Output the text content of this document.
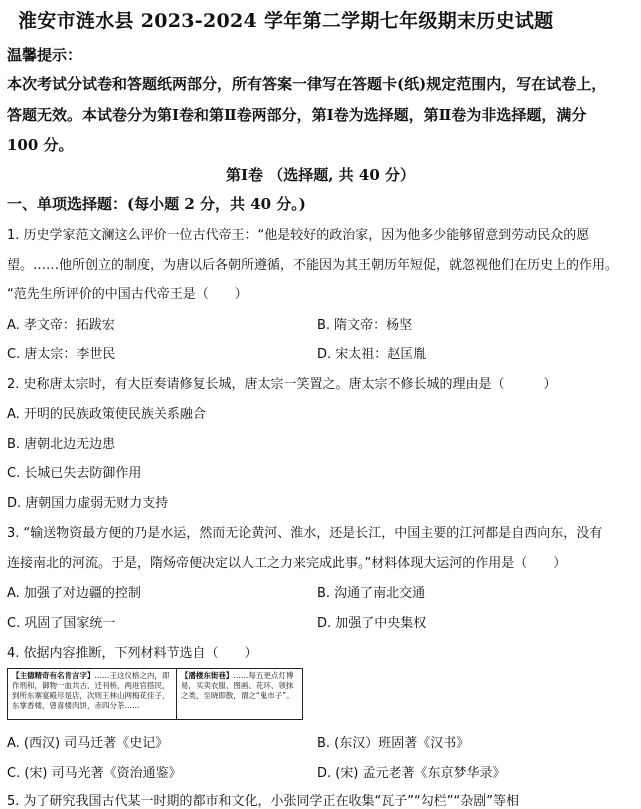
淮安市涟水县 2023-2024 学年第二学期七年级期末历史试题
温馨提示：
本次考试分试卷和答题纸两部分，所有答案一律写在答题卡(纸)规定范围内，写在试卷上，
答题无效。本试卷分为第Ⅰ卷和第Ⅱ卷两部分，第Ⅰ卷为选择题，第Ⅱ卷为非选择题，满分
100 分。
第Ⅰ卷 （选择题, 共 40 分）
一、单项选择题：(每小题 2 分，共 40 分。)
1. 历史学家范文澜这么评价一位古代帝王：“他是较好的政治家，因为他多少能够留意到劳动民众的愿
望。……他所创立的制度，为唐以后各朝所遵循，不能因为其王朝历年短促，就忽视他们在历史上的作用。
“范先生所评价的中国古代帝王是（　　）
A. 孝文帝：拓跋宏	B. 隋文帝：杨坚
C. 唐太宗：李世民	D. 宋太祖：赵匡胤
2. 史称唐太宗时，有大臣奏请修复长城，唐太宗一笑置之。唐太宗不修长城的理由是（　　　）
A. 开明的民族政策使民族关系融合
B. 唐朝北边无边患
C. 长城已失去防御作用
D. 唐朝国力虚弱无财力支持
3. “输送物资最方便的乃是水运，然而无论黄河、淮水，还是长江，中国主要的江河都是自西向东，没有
连接南北的河流。于是，隋炀帝便决定以人工之力来完成此事。”材料体现大运河的作用是（　　）
A. 加强了对边疆的控制	B. 沟通了南北交通
C. 巩固了国家统一	D. 加强了中央集权
4. 依据内容推断，下列材料节选自（　　）
【主德精奇有名肯言字】……王这仪格之内，即作刑和，御物一血共古，迁刊桥，两进官搭民，到所东寨宴殿尽是店，次则王林山网梅花佳子，东掌香楼，曾喜楼肉饼，赤四分茶……
【潘楼东街巷】……每五更点灯博易，买卖衣服、图画、花环、领抹之类，至晓即散，谓之“鬼市子”。
A. (西汉) 司马迁著《史记》	B. (东汉）班固著《汉书》
C. (宋) 司马光著《资治通鉴》	D. (宋) 孟元老著《东京梦华录》
5. 为了研究我国古代某一时期的都市和文化，小张同学正在收集“瓦子”“勾栏”“杂剧”等相
